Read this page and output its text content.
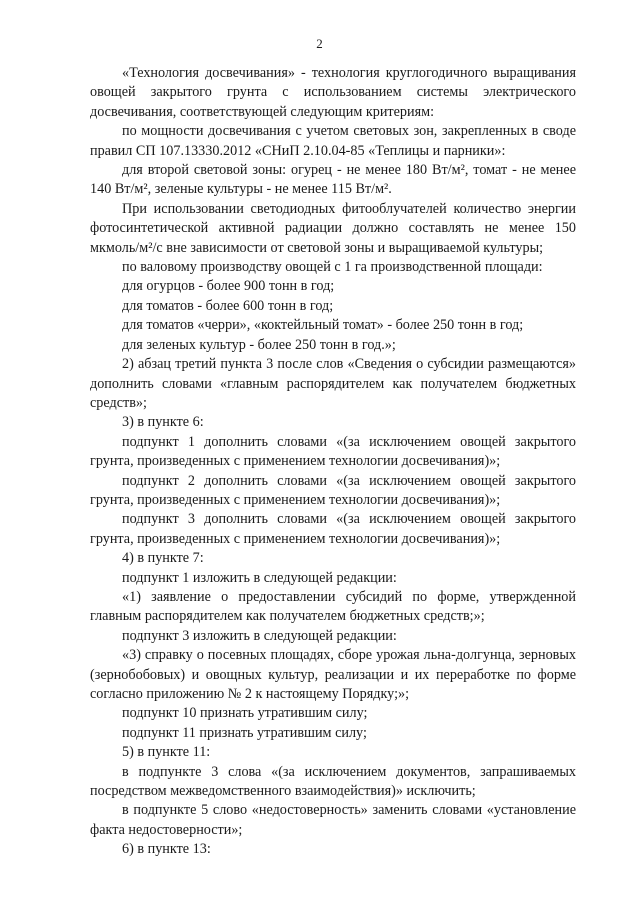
2

«Технология досвечивания» - технология круглогодичного выращивания овощей закрытого грунта с использованием системы электрического досвечивания, соответствующей следующим критериям:

по мощности досвечивания с учетом световых зон, закрепленных в своде правил СП 107.13330.2012 «СНиП 2.10.04-85 «Теплицы и парники»:

для второй световой зоны: огурец - не менее 180 Вт/м², томат - не менее 140 Вт/м², зеленые культуры - не менее 115 Вт/м².

При использовании светодиодных фитооблучателей количество энергии фотосинтетической активной радиации должно составлять не менее 150 мкмоль/м²/с вне зависимости от световой зоны и выращиваемой культуры;

по валовому производству овощей с 1 га производственной площади:

для огурцов - более 900 тонн в год;

для томатов - более 600 тонн в год;

для томатов «черри», «коктейльный томат» - более 250 тонн в год;

для зеленых культур - более 250 тонн в год.»;

2) абзац третий пункта 3 после слов «Сведения о субсидии размещаются» дополнить словами «главным распорядителем как получателем бюджетных средств»;

3) в пункте 6:

подпункт 1 дополнить словами «(за исключением овощей закрытого грунта, произведенных с применением технологии досвечивания)»;

подпункт 2 дополнить словами «(за исключением овощей закрытого грунта, произведенных с применением технологии досвечивания)»;

подпункт 3 дополнить словами «(за исключением овощей закрытого грунта, произведенных с применением технологии досвечивания)»;

4) в пункте 7:

подпункт 1 изложить в следующей редакции:

«1) заявление о предоставлении субсидий по форме, утвержденной главным распорядителем как получателем бюджетных средств;»;

подпункт 3 изложить в следующей редакции:

«3) справку о посевных площадях, сборе урожая льна-долгунца, зерновых (зернобобовых) и овощных культур, реализации и их переработке по форме согласно приложению № 2 к настоящему Порядку;»;

подпункт 10 признать утратившим силу;

подпункт 11 признать утратившим силу;

5) в пункте 11:

в подпункте 3 слова «(за исключением документов, запрашиваемых посредством межведомственного взаимодействия)» исключить;

в подпункте 5 слово «недостоверность» заменить словами «установление факта недостоверности»;

6) в пункте 13:
